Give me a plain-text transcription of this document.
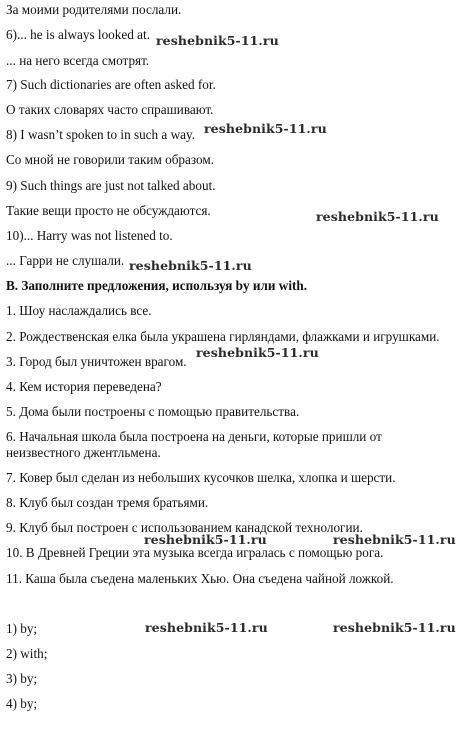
За моими родителями послали.
6)... he is always looked at.
... на него всегда смотрят.
7) Such dictionaries are often asked for.
О таких словарях часто спрашивают.
8) I wasn’t spoken to in such a way.
Со мной не говорили таким образом.
9) Such things are just not talked about.
Такие вещи просто не обсуждаются.
10)... Harry was not listened to.
... Гарри не слушали.
B. Заполните предложения, используя by или with.
1. Шоу наслаждались все.
2. Рождественская елка была украшена гирляндами, флажками и игрушками.
3. Город был уничтожен врагом.
4. Кем история переведена?
5. Дома были построены с помощью правительства.
6. Начальная школа была построена на деньги, которые пришли от
неизвестного джентльмена.
7. Ковер был сделан из небольших кусочков шелка, хлопка и шерсти.
8. Клуб был создан тремя братьями.
9. Клуб был построен с использованием канадской технологии.
10. В Древней Греции эта музыка всегда игралась с помощью рога.
11. Каша была съедена маленьких Хью. Она съедена чайной ложкой.
1) by;
2) with;
3) by;
4) by;
reshebnik5-11.ru
reshebnik5-11.ru
reshebnik5-11.ru
reshebnik5-11.ru
reshebnik5-11.ru
reshebnik5-11.ru	reshebnik5-11.ru
reshebnik5-11.ru	reshebnik5-11.ru
